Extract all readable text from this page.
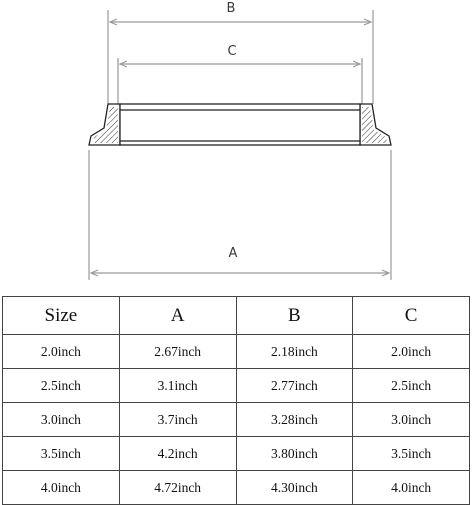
B
C
A
Size	A	B	C
2.0inch	2.67inch	2.18inch	2.0inch
2.5inch	3.1inch	2.77inch	2.5inch
3.0inch	3.7inch	3.28inch	3.0inch
3.5inch	4.2inch	3.80inch	3.5inch
4.0inch	4.72inch	4.30inch	4.0inch
